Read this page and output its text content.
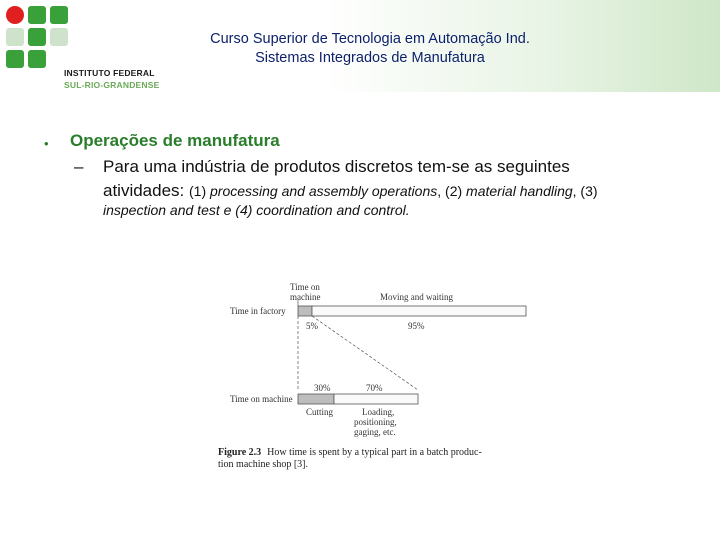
INSTITUTO FEDERAL
SUL-RIO-GRANDENSE
Curso Superior de Tecnologia em Automação Ind.
Sistemas Integrados de Manufatura
• Operações de manufatura
– Para uma indústria de produtos discretos tem-se as seguintes
atividades: (1) processing and assembly operations, (2) material handling, (3)
inspection and test e (4) coordination and control.
Time on
machine	Moving and waiting
Time in factory
5%	95%
30%	70%
Time on machine
Cutting	Loading,
positioning,
gaging, etc.
Figure 2.3 How time is spent by a typical part in a batch produc-
tion machine shop [3].
